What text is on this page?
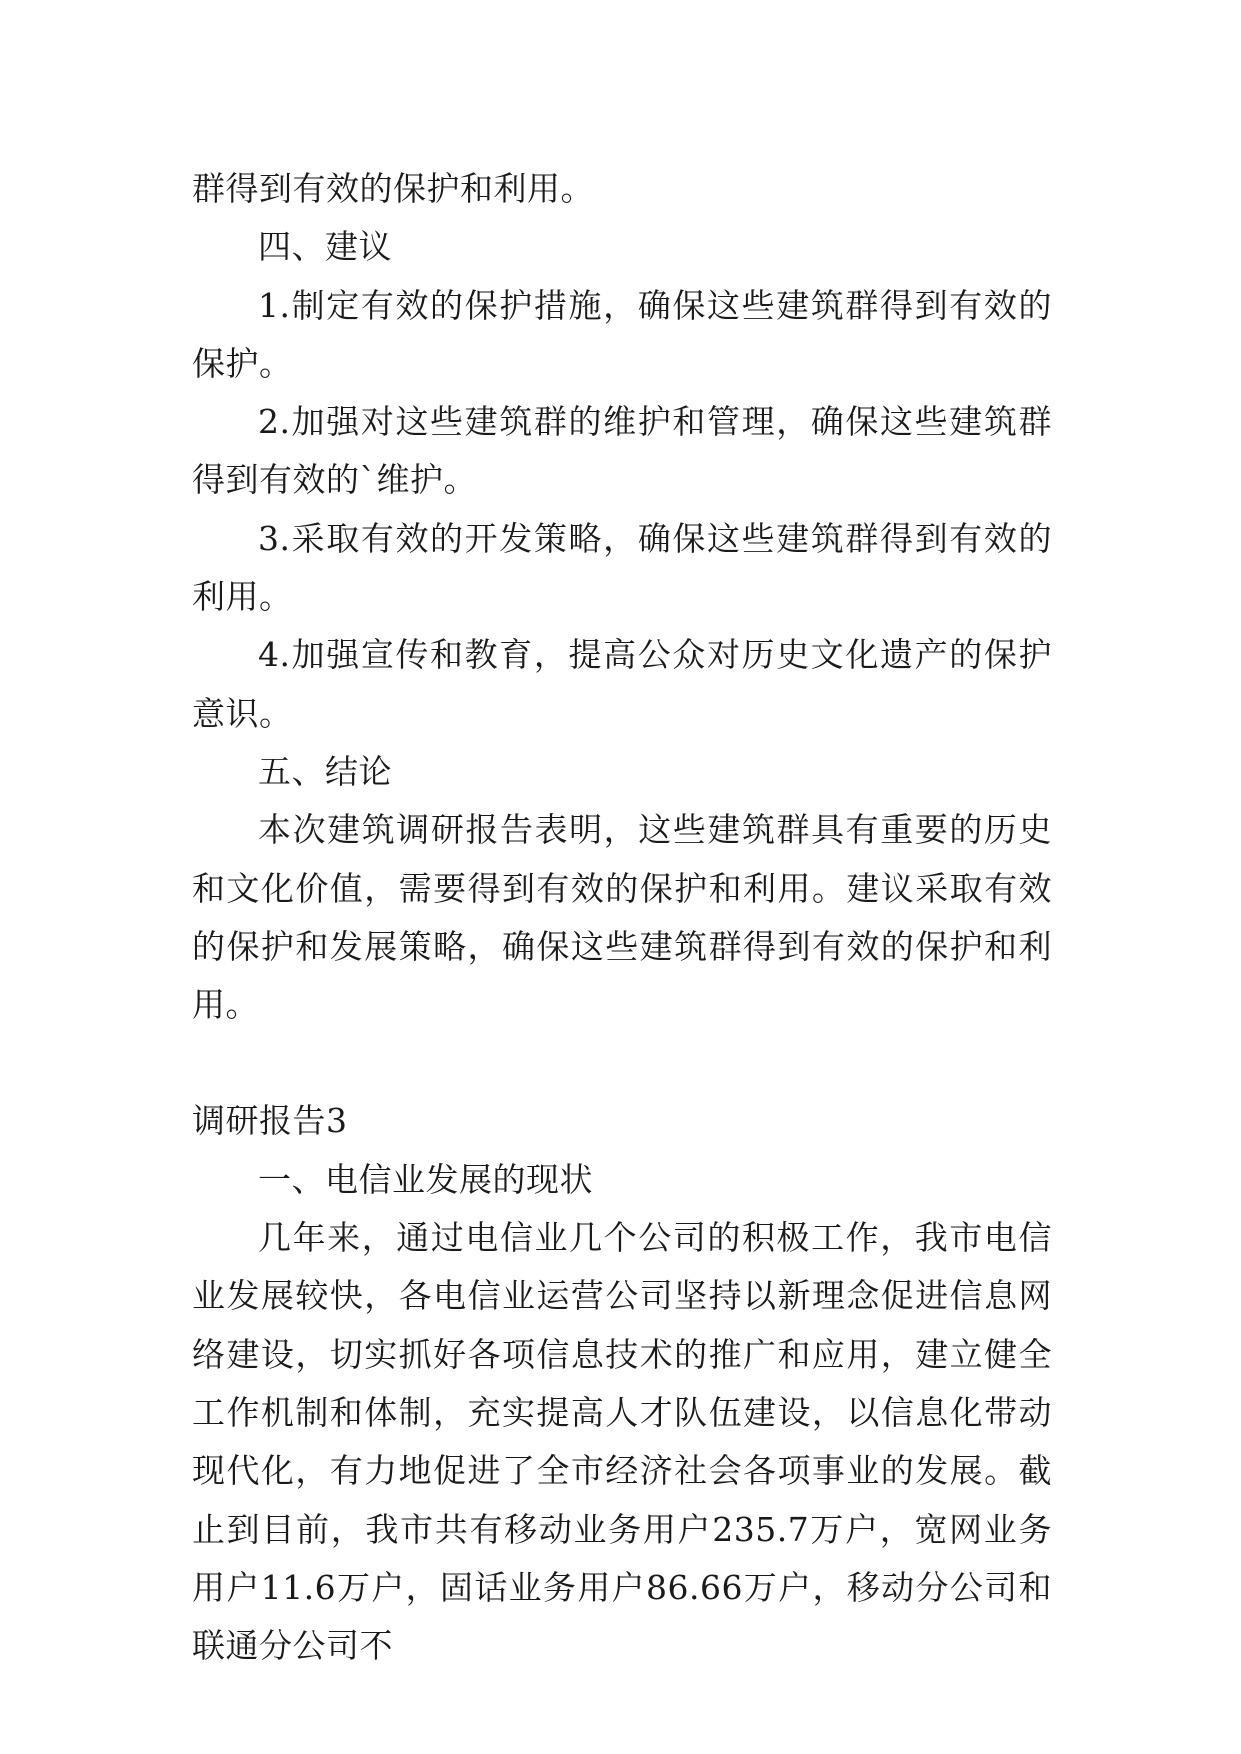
群得到有效的保护和利用。

四、建议

1.制定有效的保护措施，确保这些建筑群得到有效的保护。

2.加强对这些建筑群的维护和管理，确保这些建筑群得到有效的`维护。

3.采取有效的开发策略，确保这些建筑群得到有效的利用。

4.加强宣传和教育，提高公众对历史文化遗产的保护意识。

五、结论

本次建筑调研报告表明，这些建筑群具有重要的历史和文化价值，需要得到有效的保护和利用。建议采取有效的保护和发展策略，确保这些建筑群得到有效的保护和利用。

调研报告3

一、电信业发展的现状

几年来，通过电信业几个公司的积极工作，我市电信业发展较快，各电信业运营公司坚持以新理念促进信息网络建设，切实抓好各项信息技术的推广和应用，建立健全工作机制和体制，充实提高人才队伍建设，以信息化带动现代化，有力地促进了全市经济社会各项事业的发展。截止到目前，我市共有移动业务用户235.7万户，宽网业务用户11.6万户，固话业务用户86.66万户，移动分公司和联通分公司不
